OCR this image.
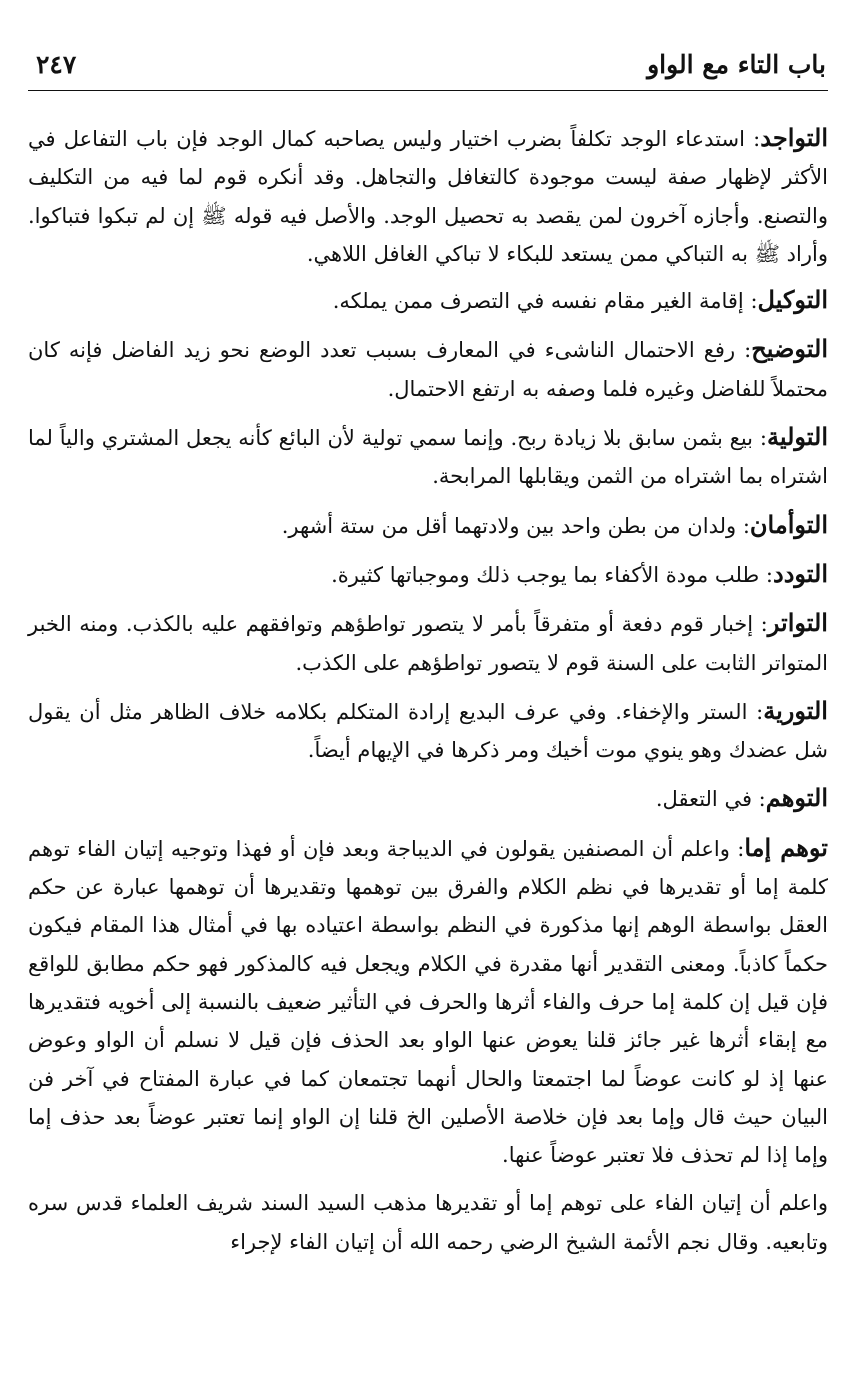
باب التاء مع الواو
٢٤٧
التواجد: استدعاء الوجد تكلفاً بضرب اختيار وليس يصاحبه كمال الوجد فإن باب التفاعل في الأكثر لإظهار صفة ليست موجودة كالتغافل والتجاهل. وقد أنكره قوم لما فيه من التكليف والتصنع. وأجازه آخرون لمن يقصد به تحصيل الوجد. والأصل فيه قوله ﷺ إن لم تبكوا فتباكوا. وأراد ﷺ به التباكي ممن يستعد للبكاء لا تباكي الغافل اللاهي.
التوكيل: إقامة الغير مقام نفسه في التصرف ممن يملكه.
التوضيح: رفع الاحتمال الناشىء في المعارف بسبب تعدد الوضع نحو زيد الفاضل فإنه كان محتملاً للفاضل وغيره فلما وصفه به ارتفع الاحتمال.
التولية: بيع بثمن سابق بلا زيادة ربح. وإنما سمي تولية لأن البائع كأنه يجعل المشتري والياً لما اشتراه بما اشتراه من الثمن ويقابلها المرابحة.
التوأمان: ولدان من بطن واحد بين ولادتهما أقل من ستة أشهر.
التودد: طلب مودة الأكفاء بما يوجب ذلك وموجباتها كثيرة.
التواتر: إخبار قوم دفعة أو متفرقاً بأمر لا يتصور تواطؤهم وتوافقهم عليه بالكذب. ومنه الخبر المتواتر الثابت على السنة قوم لا يتصور تواطؤهم على الكذب.
التورية: الستر والإخفاء. وفي عرف البديع إرادة المتكلم بكلامه خلاف الظاهر مثل أن يقول شل عضدك وهو ينوي موت أخيك ومر ذكرها في الإيهام أيضاً.
التوهم: في التعقل.
توهم إما: واعلم أن المصنفين يقولون في الديباجة وبعد فإن أو فهذا وتوجيه إتيان الفاء توهم كلمة إما أو تقديرها في نظم الكلام والفرق بين توهمها وتقديرها أن توهمها عبارة عن حكم العقل بواسطة الوهم إنها مذكورة في النظم بواسطة اعتياده بها في أمثال هذا المقام فيكون حكماً كاذباً. ومعنى التقدير أنها مقدرة في الكلام ويجعل فيه كالمذكور فهو حكم مطابق للواقع فإن قيل إن كلمة إما حرف والفاء أثرها والحرف في التأثير ضعيف بالنسبة إلى أخويه فتقديرها مع إبقاء أثرها غير جائز قلنا يعوض عنها الواو بعد الحذف فإن قيل لا نسلم أن الواو وعوض عنها إذ لو كانت عوضاً لما اجتمعتا والحال أنهما تجتمعان كما في عبارة المفتاح في آخر فن البيان حيث قال وإما بعد فإن خلاصة الأصلين الخ قلنا إن الواو إنما تعتبر عوضاً بعد حذف إما وإما إذا لم تحذف فلا تعتبر عوضاً عنها.
واعلم أن إتيان الفاء على توهم إما أو تقديرها مذهب السيد السند شريف العلماء قدس سره وتابعيه. وقال نجم الأئمة الشيخ الرضي رحمه الله أن إتيان الفاء لإجراء
